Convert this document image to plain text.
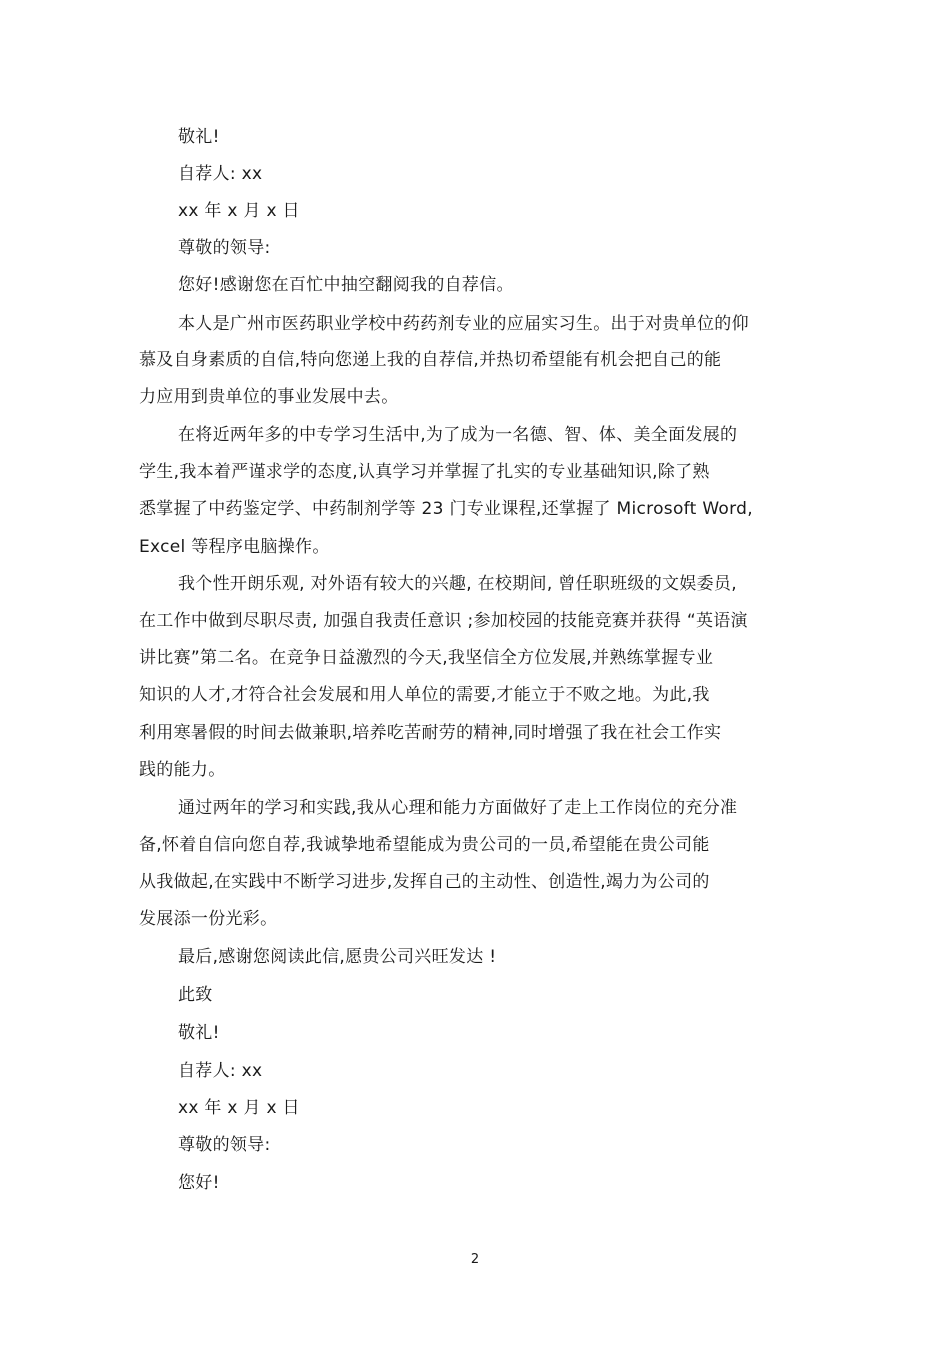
敬礼!
自荐人: xx
xx 年 x 月 x 日
尊敬的领导:
您好!感谢您在百忙中抽空翻阅我的自荐信。
本人是广州市医药职业学校中药药剂专业的应届实习生。出于对贵单位的仰
慕及自身素质的自信,特向您递上我的自荐信,并热切希望能有机会把自己的能
力应用到贵单位的事业发展中去。
在将近两年多的中专学习生活中,为了成为一名德、智、体、美全面发展的
学生,我本着严谨求学的态度,认真学习并掌握了扎实的专业基础知识,除了熟
悉掌握了中药鉴定学、中药制剂学等 23 门专业课程,还掌握了 Microsoft Word,
Excel 等程序电脑操作。
我个性开朗乐观, 对外语有较大的兴趣, 在校期间, 曾任职班级的文娱委员,
在工作中做到尽职尽责, 加强自我责任意识 ;参加校园的技能竞赛并获得 “英语演
讲比赛”第二名。在竞争日益激烈的今天,我坚信全方位发展,并熟练掌握专业
知识的人才,才符合社会发展和用人单位的需要,才能立于不败之地。为此,我
利用寒暑假的时间去做兼职,培养吃苦耐劳的精神,同时增强了我在社会工作实
践的能力。
通过两年的学习和实践,我从心理和能力方面做好了走上工作岗位的充分准
备,怀着自信向您自荐,我诚挚地希望能成为贵公司的一员,希望能在贵公司能
从我做起,在实践中不断学习进步,发挥自己的主动性、创造性,竭力为公司的
发展添一份光彩。
最后,感谢您阅读此信,愿贵公司兴旺发达 !
此致
敬礼!
自荐人: xx
xx 年 x 月 x 日
尊敬的领导:
您好!
2
